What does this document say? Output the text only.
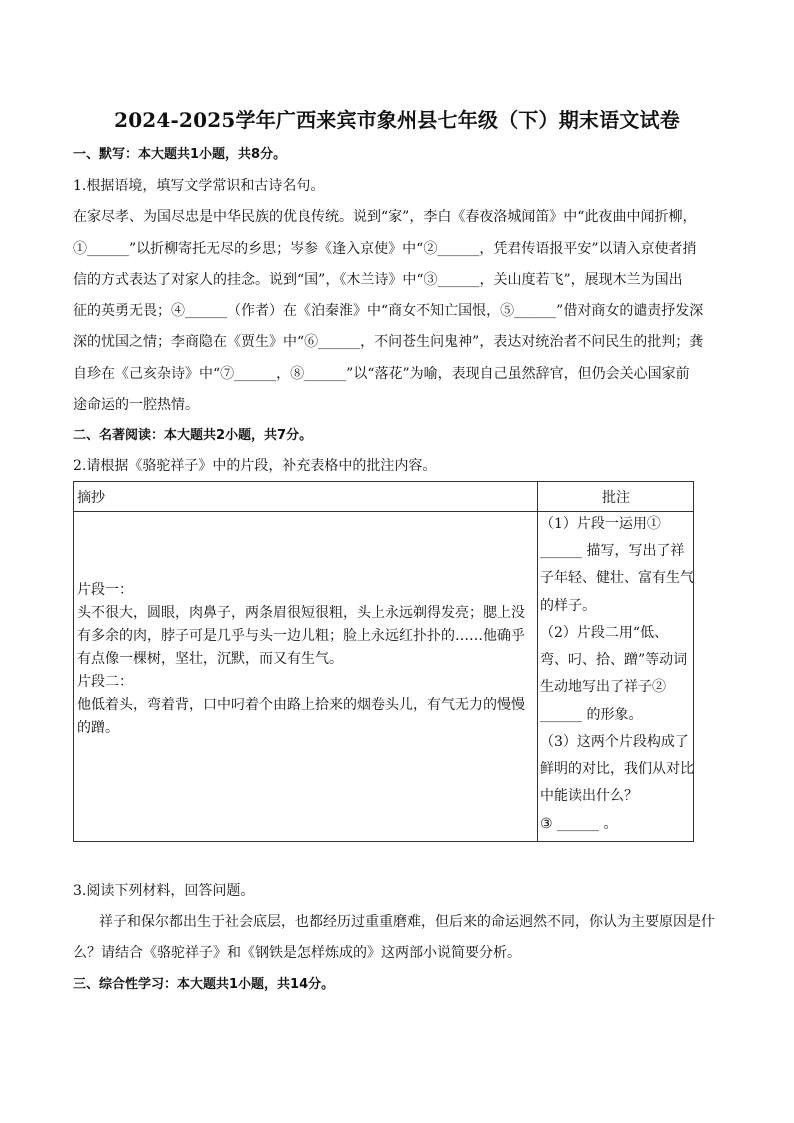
2024-2025学年广西来宾市象州县七年级（下）期末语文试卷
一、默写：本大题共1小题，共8分。
1.根据语境，填写文学常识和古诗名句。
在家尽孝、为国尽忠是中华民族的优良传统。说到“家”，李白《春夜洛城闻笛》中“此夜曲中闻折柳，
①______”以折柳寄托无尽的乡思；岑参《逢入京使》中“②______，凭君传语报平安”以请入京使者捎
信的方式表达了对家人的挂念。说到“国”，《木兰诗》中“③______，关山度若飞”，展现木兰为国出
征的英勇无畏；④______（作者）在《泊秦淮》中“商女不知亡国恨，⑤______”借对商女的谴责抒发深
深的忧国之情；李商隐在《贾生》中“⑥______，不问苍生问鬼神”，表达对统治者不问民生的批判；龚
自珍在《己亥杂诗》中“⑦______，⑧______”以“落花”为喻，表现自己虽然辞官，但仍会关心国家前
途命运的一腔热情。
二、名著阅读：本大题共2小题，共7分。
2.请根据《骆驼祥子》中的片段，补充表格中的批注内容。
摘抄	批注
片段一：
头不很大，圆眼，肉鼻子，两条眉很短很粗，头上永远剃得发亮；腮上没
有多余的肉，脖子可是几乎与头一边儿粗；脸上永远红扑扑的……他确乎
有点像一棵树，坚壮，沉默，而又有生气。
片段二：
他低着头，弯着背，口中叼着个由路上拾来的烟卷头儿，有气无力的慢慢
的蹭。
（1）片段一运用①
______ 描写，写出了祥
子年轻、健壮、富有生气
的样子。
（2）片段二用“低、
弯、叼、拾、蹭”等动词
生动地写出了祥子②
______ 的形象。
（3）这两个片段构成了
鲜明的对比，我们从对比
中能读出什么？
③ ______ 。
3.阅读下列材料，回答问题。
祥子和保尔都出生于社会底层，也都经历过重重磨难，但后来的命运迥然不同，你认为主要原因是什
么？请结合《骆驼祥子》和《钢铁是怎样炼成的》这两部小说简要分析。
三、综合性学习：本大题共1小题，共14分。
